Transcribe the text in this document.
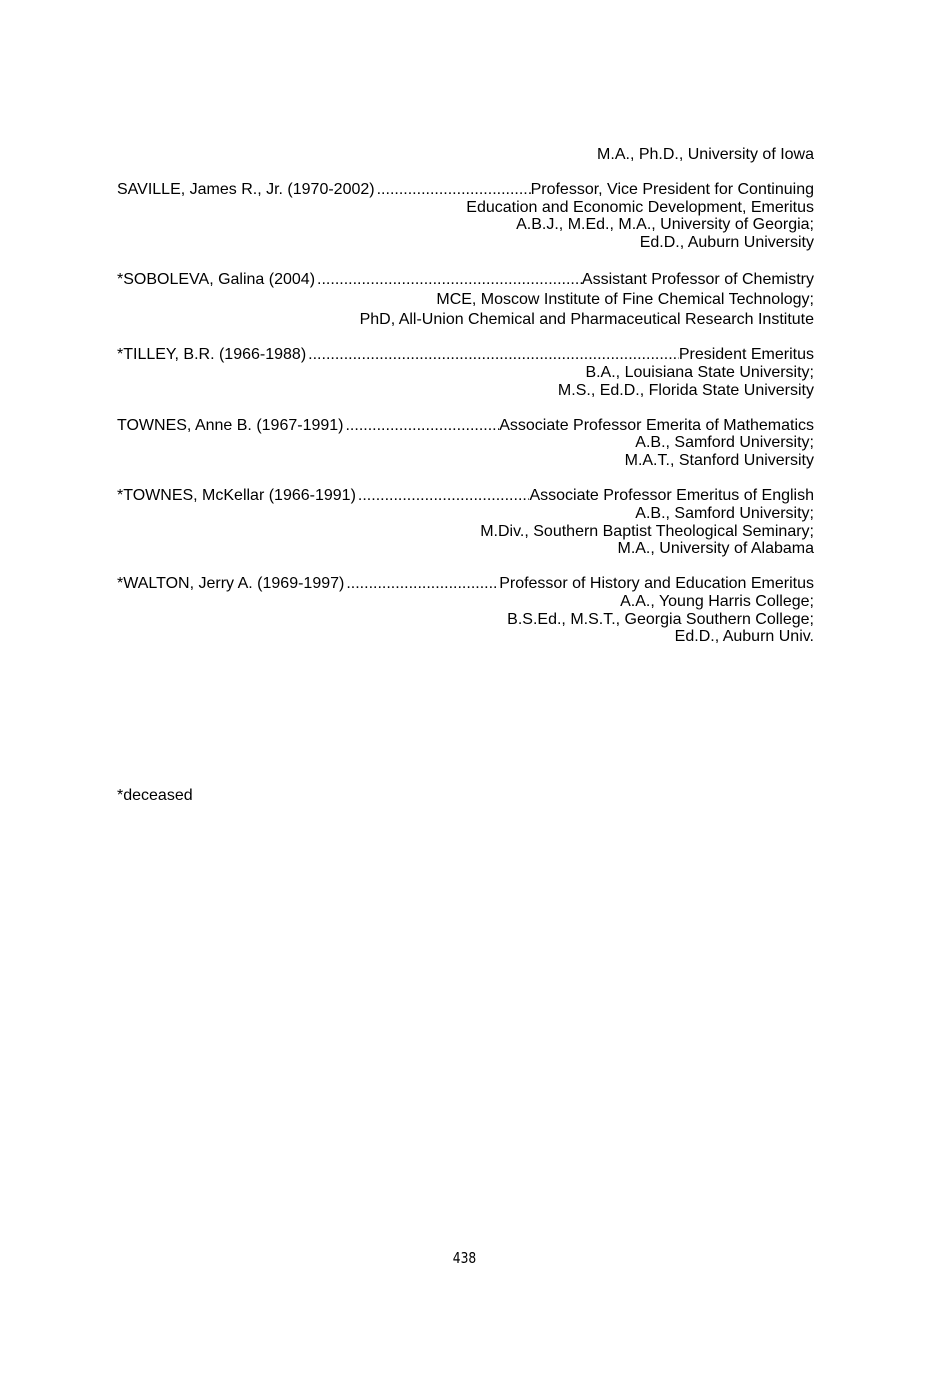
M.A., Ph.D., University of Iowa
SAVILLE, James R., Jr. (1970-2002) .....	Professor, Vice President for Continuing
Education and Economic Development, Emeritus
A.B.J., M.Ed., M.A., University of Georgia;
Ed.D., Auburn University
*SOBOLEVA, Galina (2004) .....	Assistant Professor of Chemistry
MCE, Moscow Institute of Fine Chemical Technology;
PhD, All-Union Chemical and Pharmaceutical Research Institute
*TILLEY, B.R. (1966-1988) .....	President Emeritus
B.A., Louisiana State University;
M.S., Ed.D., Florida State University
TOWNES, Anne B. (1967-1991) .....	Associate Professor Emerita of Mathematics
A.B., Samford University;
M.A.T., Stanford University
*TOWNES, McKellar (1966-1991) .....	Associate Professor Emeritus of English
A.B., Samford University;
M.Div., Southern Baptist Theological Seminary;
M.A., University of Alabama
*WALTON, Jerry A. (1969-1997) .....	Professor of History and Education Emeritus
A.A., Young Harris College;
B.S.Ed., M.S.T., Georgia Southern College;
Ed.D., Auburn Univ.
*deceased
438
